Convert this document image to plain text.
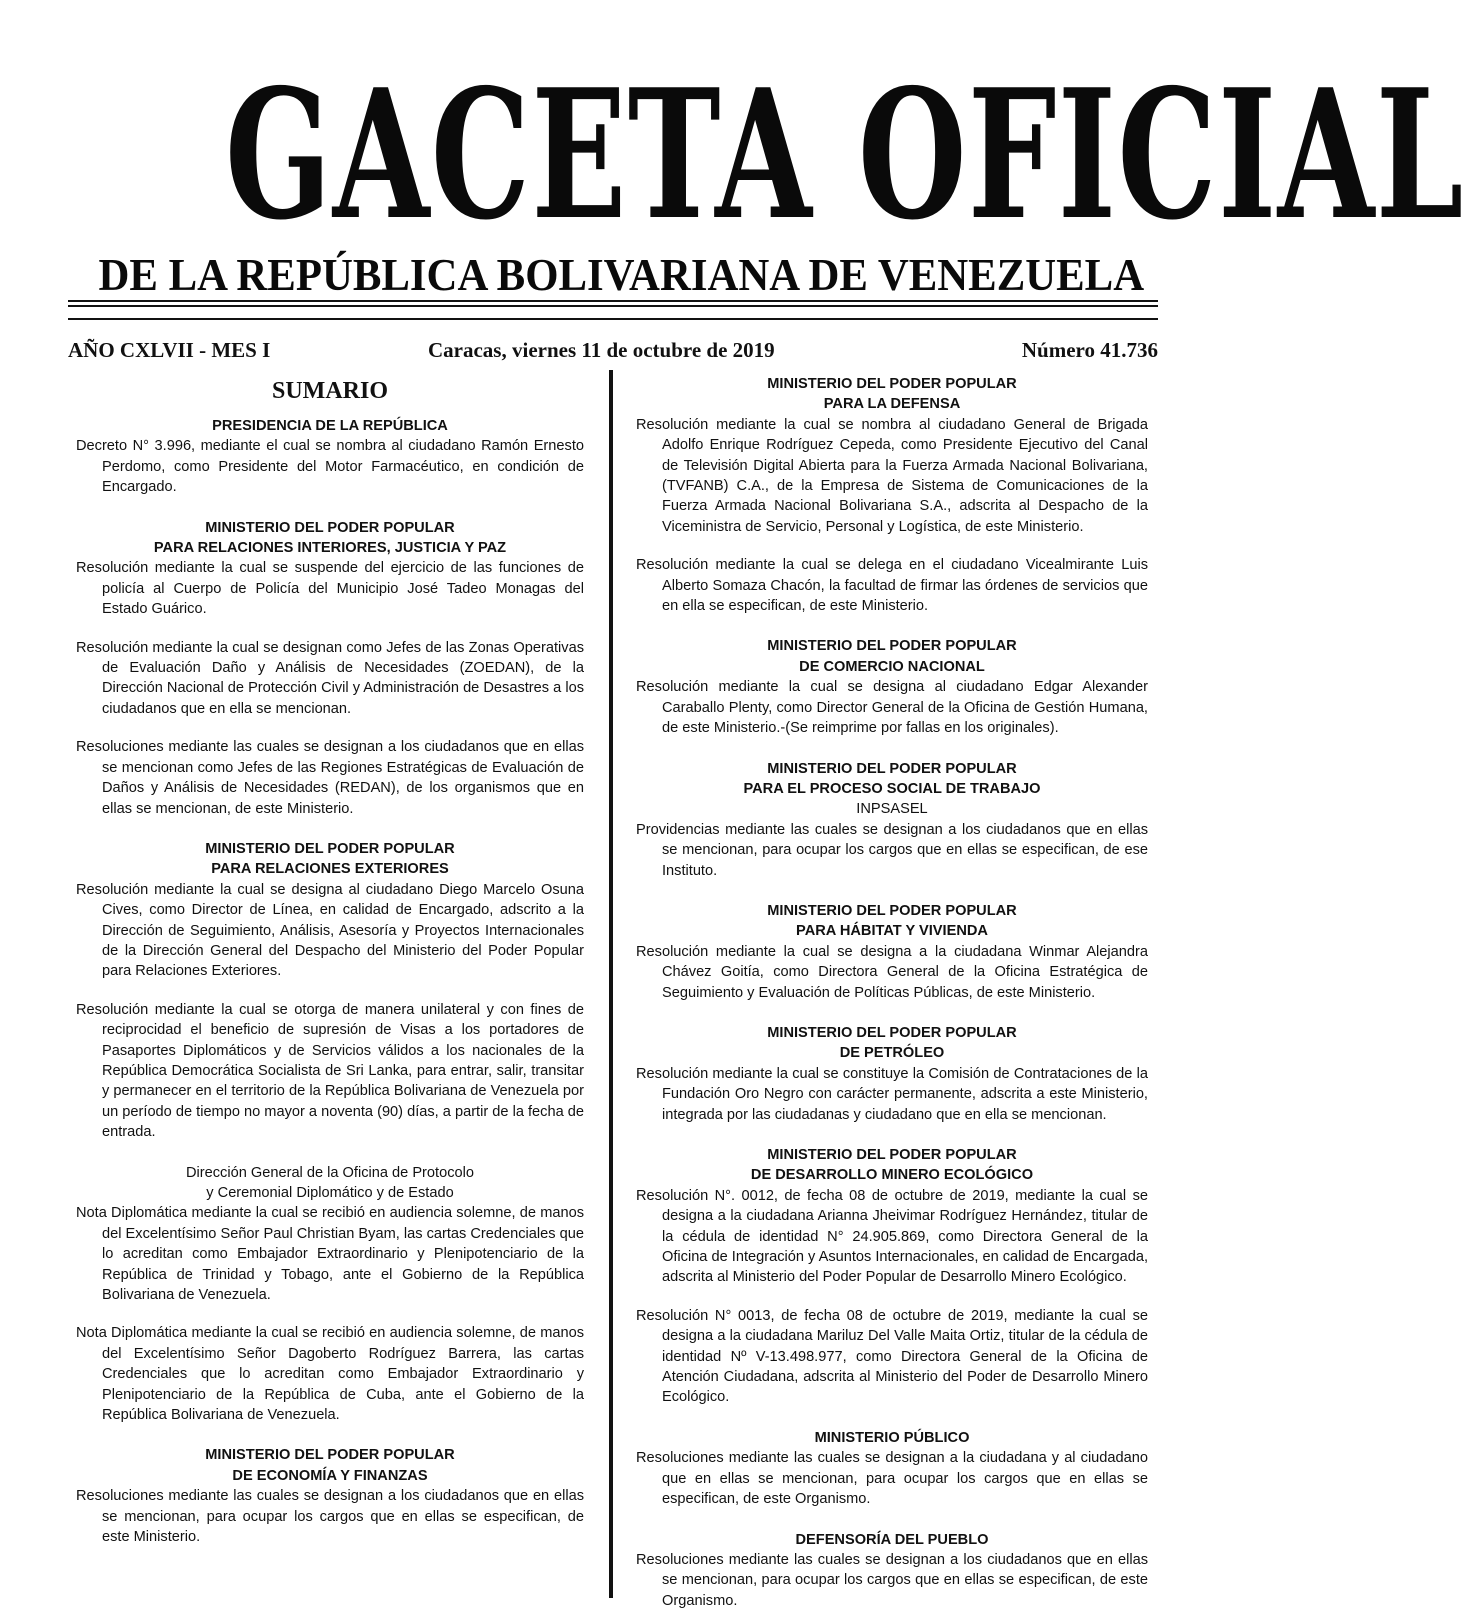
GACETA OFICIAL
DE LA REPÚBLICA BOLIVARIANA DE VENEZUELA
AÑO CXLVII - MES I	Caracas, viernes 11 de octubre de 2019	Número 41.736
SUMARIO

PRESIDENCIA DE LA REPÚBLICA

Decreto N° 3.996, mediante el cual se nombra al ciudadano Ramón Ernesto Perdomo, como Presidente del Motor Farmacéutico, en condición de Encargado.

MINISTERIO DEL PODER POPULAR

PARA RELACIONES INTERIORES, JUSTICIA Y PAZ

Resolución mediante la cual se suspende del ejercicio de las funciones de policía al Cuerpo de Policía del Municipio José Tadeo Monagas del Estado Guárico.

Resolución mediante la cual se designan como Jefes de las Zonas Operativas de Evaluación Daño y Análisis de Necesidades (ZOEDAN), de la Dirección Nacional de Protección Civil y Administración de Desastres a los ciudadanos que en ella se mencionan.

Resoluciones mediante las cuales se designan a los ciudadanos que en ellas se mencionan como Jefes de las Regiones Estratégicas de Evaluación de Daños y Análisis de Necesidades (REDAN), de los organismos que en ellas se mencionan, de este Ministerio.

MINISTERIO DEL PODER POPULAR

PARA RELACIONES EXTERIORES

Resolución mediante la cual se designa al ciudadano Diego Marcelo Osuna Cives, como Director de Línea, en calidad de Encargado, adscrito a la Dirección de Seguimiento, Análisis, Asesoría y Proyectos Internacionales de la Dirección General del Despacho del Ministerio del Poder Popular para Relaciones Exteriores.

Resolución mediante la cual se otorga de manera unilateral y con fines de reciprocidad el beneficio de supresión de Visas a los portadores de Pasaportes Diplomáticos y de Servicios válidos a los nacionales de la República Democrática Socialista de Sri Lanka, para entrar, salir, transitar y permanecer en el territorio de la República Bolivariana de Venezuela por un período de tiempo no mayor a noventa (90) días, a partir de la fecha de entrada.

Dirección General de la Oficina de Protocolo

y Ceremonial Diplomático y de Estado

Nota Diplomática mediante la cual se recibió en audiencia solemne, de manos del Excelentísimo Señor Paul Christian Byam, las cartas Credenciales que lo acreditan como Embajador Extraordinario y Plenipotenciario de la República de Trinidad y Tobago, ante el Gobierno de la República Bolivariana de Venezuela.

Nota Diplomática mediante la cual se recibió en audiencia solemne, de manos del Excelentísimo Señor Dagoberto Rodríguez Barrera, las cartas Credenciales que lo acreditan como Embajador Extraordinario y Plenipotenciario de la República de Cuba, ante el Gobierno de la República Bolivariana de Venezuela.

MINISTERIO DEL PODER POPULAR

DE ECONOMÍA Y FINANZAS

Resoluciones mediante las cuales se designan a los ciudadanos que en ellas se mencionan, para ocupar los cargos que en ellas se especifican, de este Ministerio.

MINISTERIO DEL PODER POPULAR

PARA LA DEFENSA

Resolución mediante la cual se nombra al ciudadano General de Brigada Adolfo Enrique Rodríguez Cepeda, como Presidente Ejecutivo del Canal de Televisión Digital Abierta para la Fuerza Armada Nacional Bolivariana, (TVFANB) C.A., de la Empresa de Sistema de Comunicaciones de la Fuerza Armada Nacional Bolivariana S.A., adscrita al Despacho de la Viceministra de Servicio, Personal y Logística, de este Ministerio.

Resolución mediante la cual se delega en el ciudadano Vicealmirante Luis Alberto Somaza Chacón, la facultad de firmar las órdenes de servicios que en ella se especifican, de este Ministerio.

MINISTERIO DEL PODER POPULAR

DE COMERCIO NACIONAL

Resolución mediante la cual se designa al ciudadano Edgar Alexander Caraballo Plenty, como Director General de la Oficina de Gestión Humana, de este Ministerio.-(Se reimprime por fallas en los originales).

MINISTERIO DEL PODER POPULAR

PARA EL PROCESO SOCIAL DE TRABAJO

INPSASEL

Providencias mediante las cuales se designan a los ciudadanos que en ellas se mencionan, para ocupar los cargos que en ellas se especifican, de ese Instituto.

MINISTERIO DEL PODER POPULAR

PARA HÁBITAT Y VIVIENDA

Resolución mediante la cual se designa a la ciudadana Winmar Alejandra Chávez Goitía, como Directora General de la Oficina Estratégica de Seguimiento y Evaluación de Políticas Públicas, de este Ministerio.

MINISTERIO DEL PODER POPULAR

DE PETRÓLEO

Resolución mediante la cual se constituye la Comisión de Contrataciones de la Fundación Oro Negro con carácter permanente, adscrita a este Ministerio, integrada por las ciudadanas y ciudadano que en ella se mencionan.

MINISTERIO DEL PODER POPULAR

DE DESARROLLO MINERO ECOLÓGICO

Resolución N°. 0012, de fecha 08 de octubre de 2019, mediante la cual se designa a la ciudadana Arianna Jheivimar Rodríguez Hernández, titular de la cédula de identidad N° 24.905.869, como Directora General de la Oficina de Integración y Asuntos Internacionales, en calidad de Encargada, adscrita al Ministerio del Poder Popular de Desarrollo Minero Ecológico.

Resolución N° 0013, de fecha 08 de octubre de 2019, mediante la cual se designa a la ciudadana Mariluz Del Valle Maita Ortiz, titular de la cédula de identidad Nº V-13.498.977, como Directora General de la Oficina de Atención Ciudadana, adscrita al Ministerio del Poder de Desarrollo Minero Ecológico.

MINISTERIO PÚBLICO

Resoluciones mediante las cuales se designan a la ciudadana y al ciudadano que en ellas se mencionan, para ocupar los cargos que en ellas se especifican, de este Organismo.

DEFENSORÍA DEL PUEBLO

Resoluciones mediante las cuales se designan a los ciudadanos que en ellas se mencionan, para ocupar los cargos que en ellas se especifican, de este Organismo.
